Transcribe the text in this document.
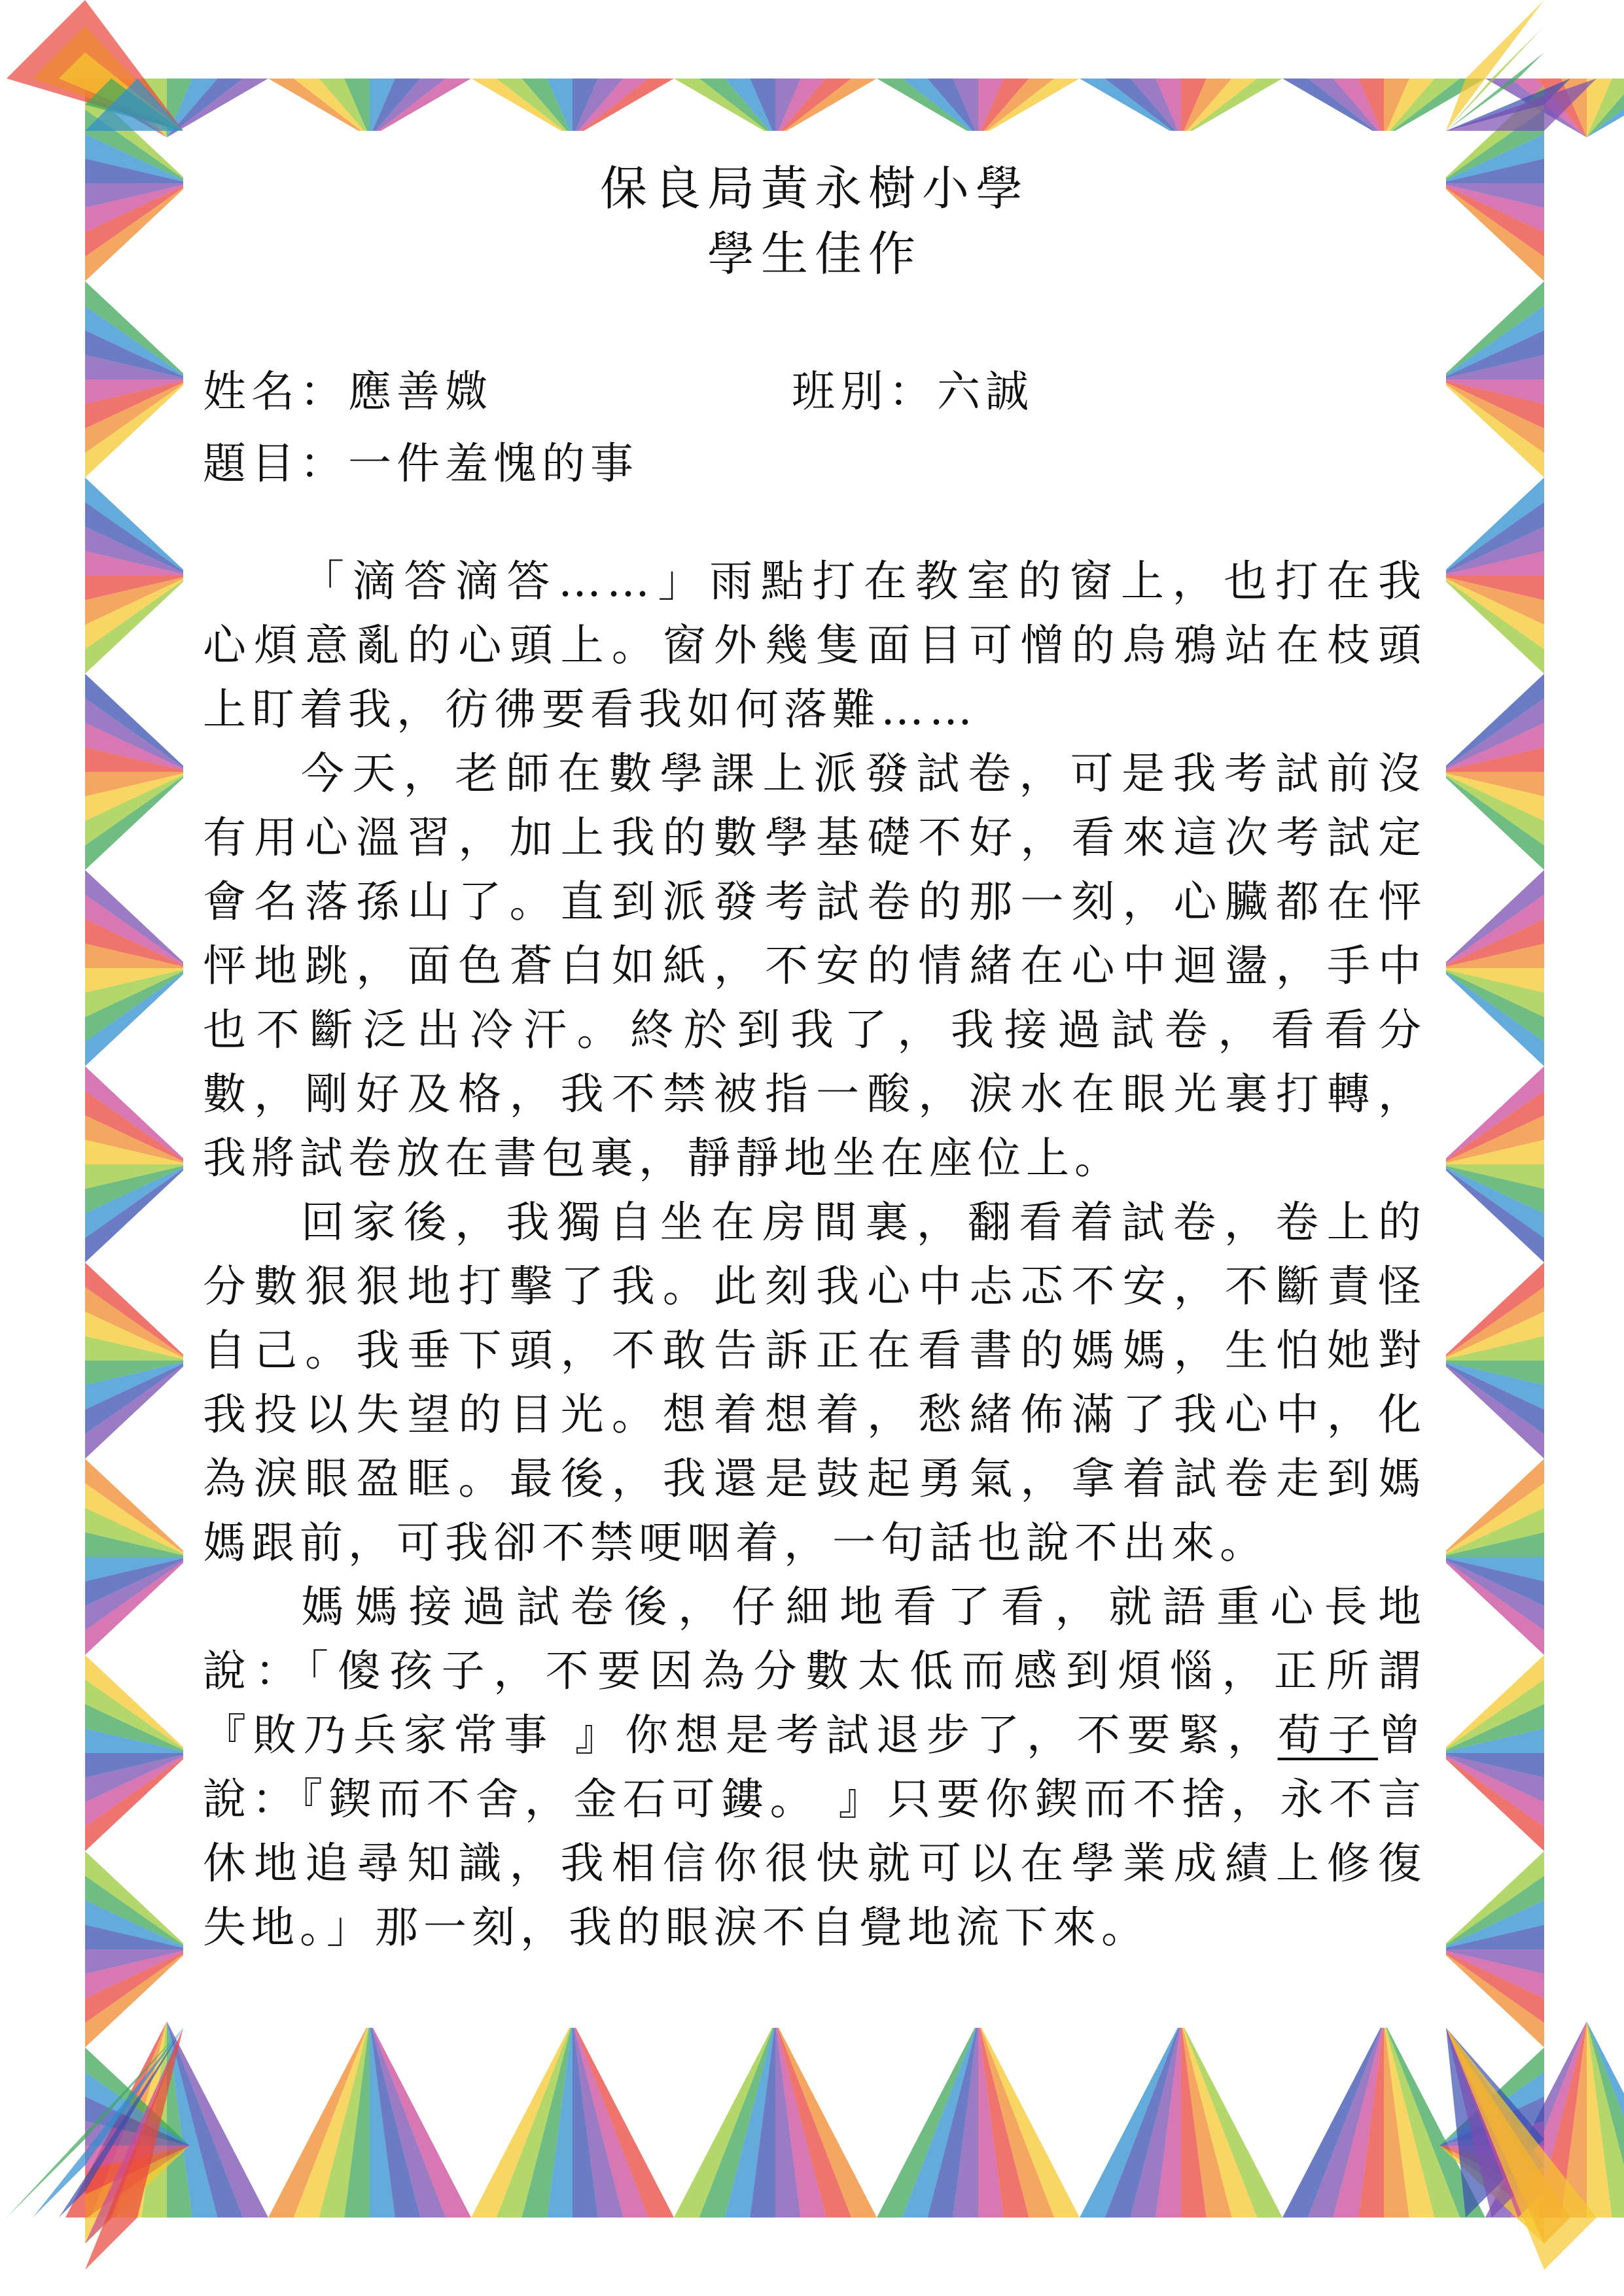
保良局黃永樹小學
學生佳作
姓名：應善媺	班別：六誠
題目：一件羞愧的事
「滴答滴答……」雨點打在教室的窗上，也打在我
心煩意亂的心頭上。窗外幾隻面目可憎的烏鴉站在枝頭
上盯着我，彷彿要看我如何落難……
今天，老師在數學課上派發試卷，可是我考試前沒
有用心溫習，加上我的數學基礎不好，看來這次考試定
會名落孫山了。直到派發考試卷的那一刻，心臟都在怦
怦地跳，面色蒼白如紙，不安的情緒在心中迴盪，手中
也不斷泛出冷汗。終於到我了，我接過試卷，看看分
數，剛好及格，我不禁被指一酸，淚水在眼光裏打轉，
我將試卷放在書包裏，靜靜地坐在座位上。
回家後，我獨自坐在房間裏，翻看着試卷，卷上的
分數狠狠地打擊了我。此刻我心中忐忑不安，不斷責怪
自己。我垂下頭，不敢告訴正在看書的媽媽，生怕她對
我投以失望的目光。想着想着，愁緒佈滿了我心中，化
為淚眼盈眶。最後，我還是鼓起勇氣，拿着試卷走到媽
媽跟前，可我卻不禁哽咽着，一句話也說不出來。
媽媽接過試卷後，仔細地看了看，就語重心長地
說：「傻孩子，不要因為分數太低而感到煩惱，正所謂
『敗乃兵家常事 』你想是考試退步了，不要緊，荀子曾
說：『鍥而不舍，金石可鏤。 』只要你鍥而不捨，永不言
休地追尋知識，我相信你很快就可以在學業成績上修復
失地。」那一刻，我的眼淚不自覺地流下來。
